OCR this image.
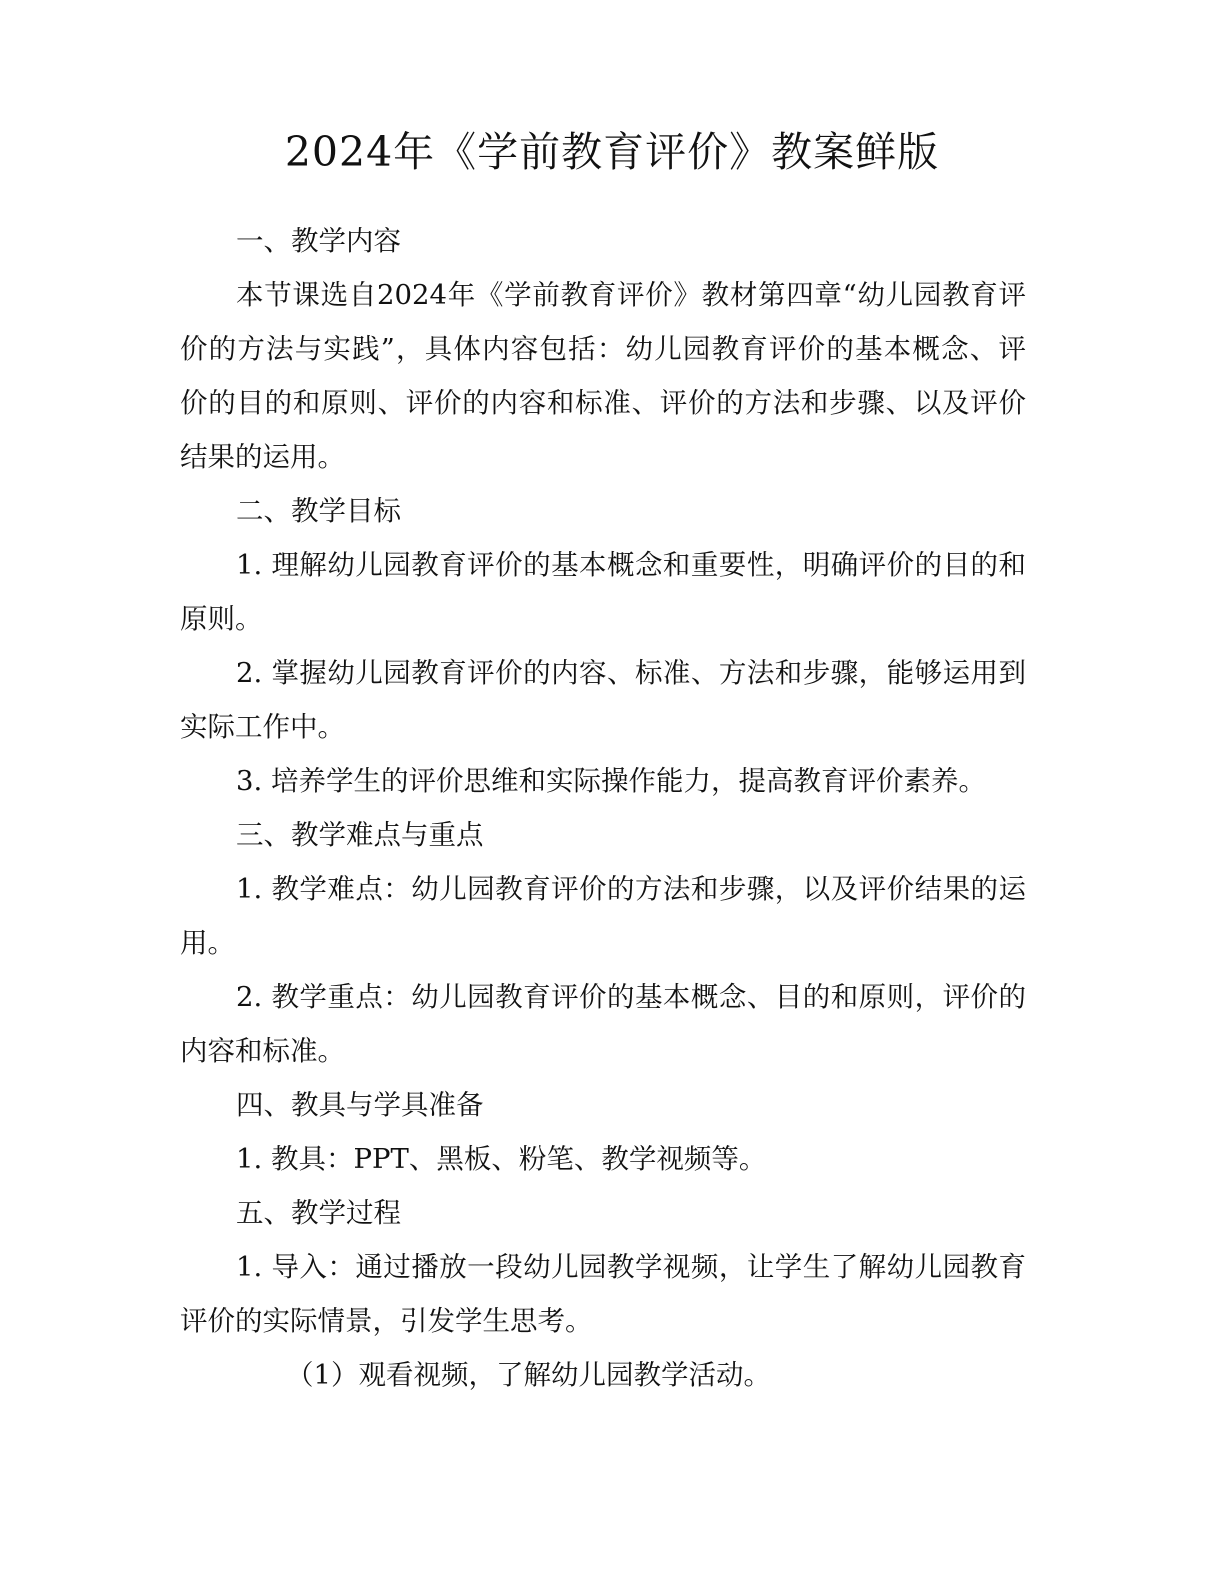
2024年《学前教育评价》教案鲜版
一、教学内容
本节课选自2024年《学前教育评价》教材第四章“幼儿园教育评
价的方法与实践”，具体内容包括：幼儿园教育评价的基本概念、评
价的目的和原则、评价的内容和标准、评价的方法和步骤、以及评价
结果的运用。
二、教学目标
1. 理解幼儿园教育评价的基本概念和重要性，明确评价的目的和
原则。
2. 掌握幼儿园教育评价的内容、标准、方法和步骤，能够运用到
实际工作中。
3. 培养学生的评价思维和实际操作能力，提高教育评价素养。
三、教学难点与重点
1. 教学难点：幼儿园教育评价的方法和步骤，以及评价结果的运
用。
2. 教学重点：幼儿园教育评价的基本概念、目的和原则，评价的
内容和标准。
四、教具与学具准备
1. 教具：PPT、黑板、粉笔、教学视频等。
五、教学过程
1. 导入：通过播放一段幼儿园教学视频，让学生了解幼儿园教育
评价的实际情景，引发学生思考。
（1）观看视频，了解幼儿园教学活动。
